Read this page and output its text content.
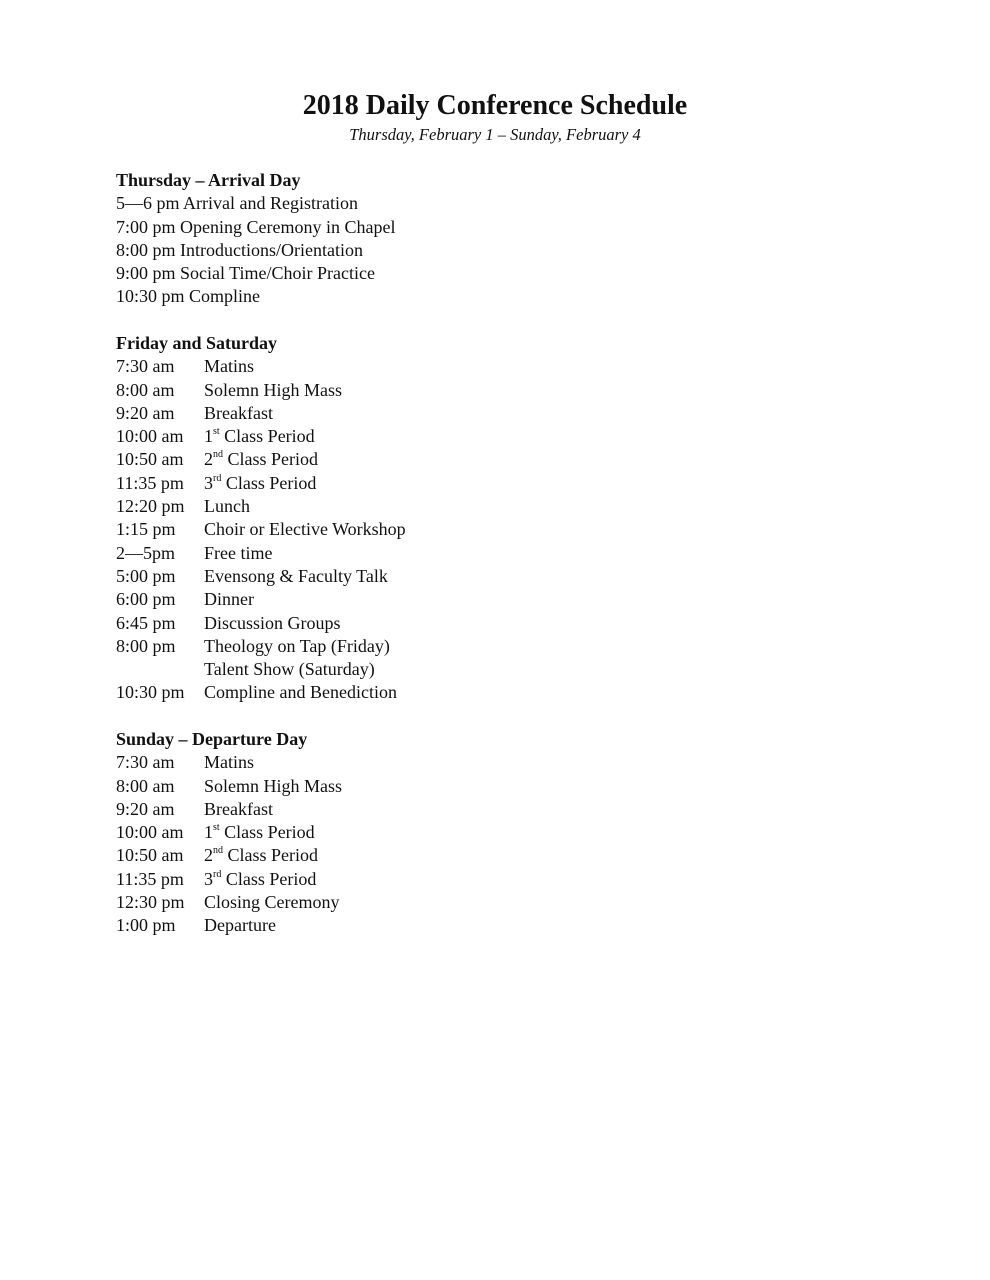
2018 Daily Conference Schedule
Thursday, February 1 – Sunday, February 4
Thursday – Arrival Day
5—6 pm Arrival and Registration
7:00 pm Opening Ceremony in Chapel
8:00 pm Introductions/Orientation
9:00 pm Social Time/Choir Practice
10:30 pm Compline
Friday and Saturday
7:30 am	Matins
8:00 am	Solemn High Mass
9:20 am	Breakfast
10:00 am	1st Class Period
10:50 am	2nd Class Period
11:35 pm	3rd Class Period
12:20 pm	Lunch
1:15 pm	Choir or Elective Workshop
2—5pm	Free time
5:00 pm	Evensong & Faculty Talk
6:00 pm	Dinner
6:45 pm	Discussion Groups
8:00 pm	Theology on Tap (Friday)
Talent Show (Saturday)
10:30 pm	Compline and Benediction
Sunday – Departure Day
7:30 am	Matins
8:00 am	Solemn High Mass
9:20 am	Breakfast
10:00 am	1st Class Period
10:50 am	2nd Class Period
11:35 pm	3rd Class Period
12:30 pm	Closing Ceremony
1:00 pm	Departure
